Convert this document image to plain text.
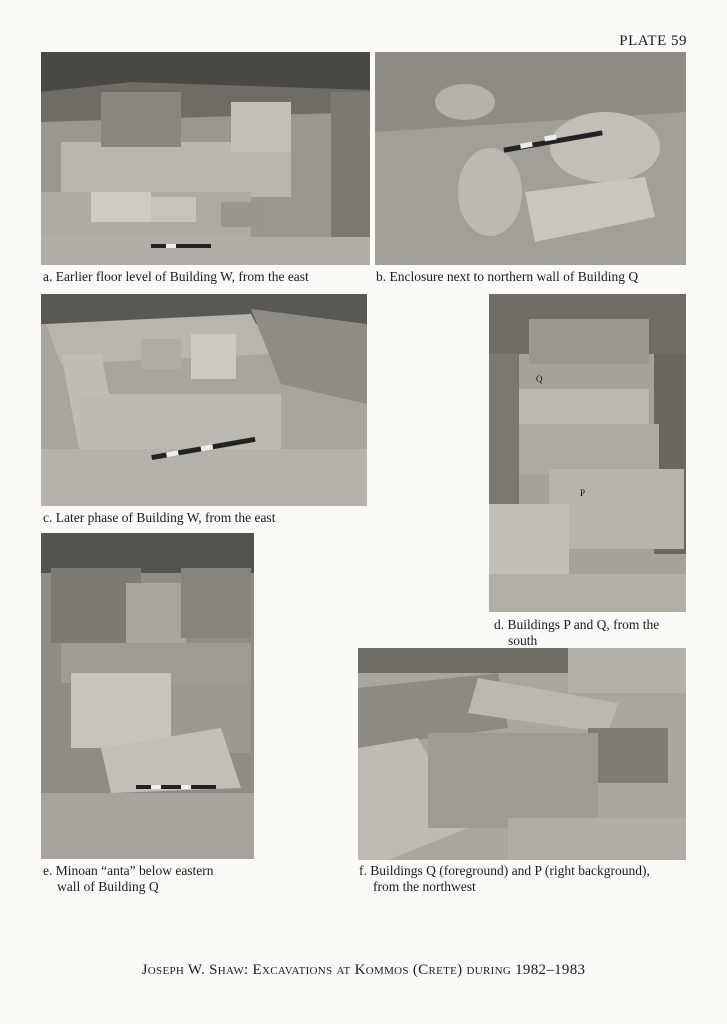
PLATE 59
a. Earlier floor level of Building W, from the east	b. Enclosure next to northern wall of Building Q
c. Later phase of Building W, from the east
Q
P
d. Buildings P and Q, from the
south
e. Minoan “anta” below eastern
wall of Building Q
f. Buildings Q (foreground) and P (right background),
from the northwest
Joseph W. Shaw: Excavations at Kommos (Crete) during 1982–1983
